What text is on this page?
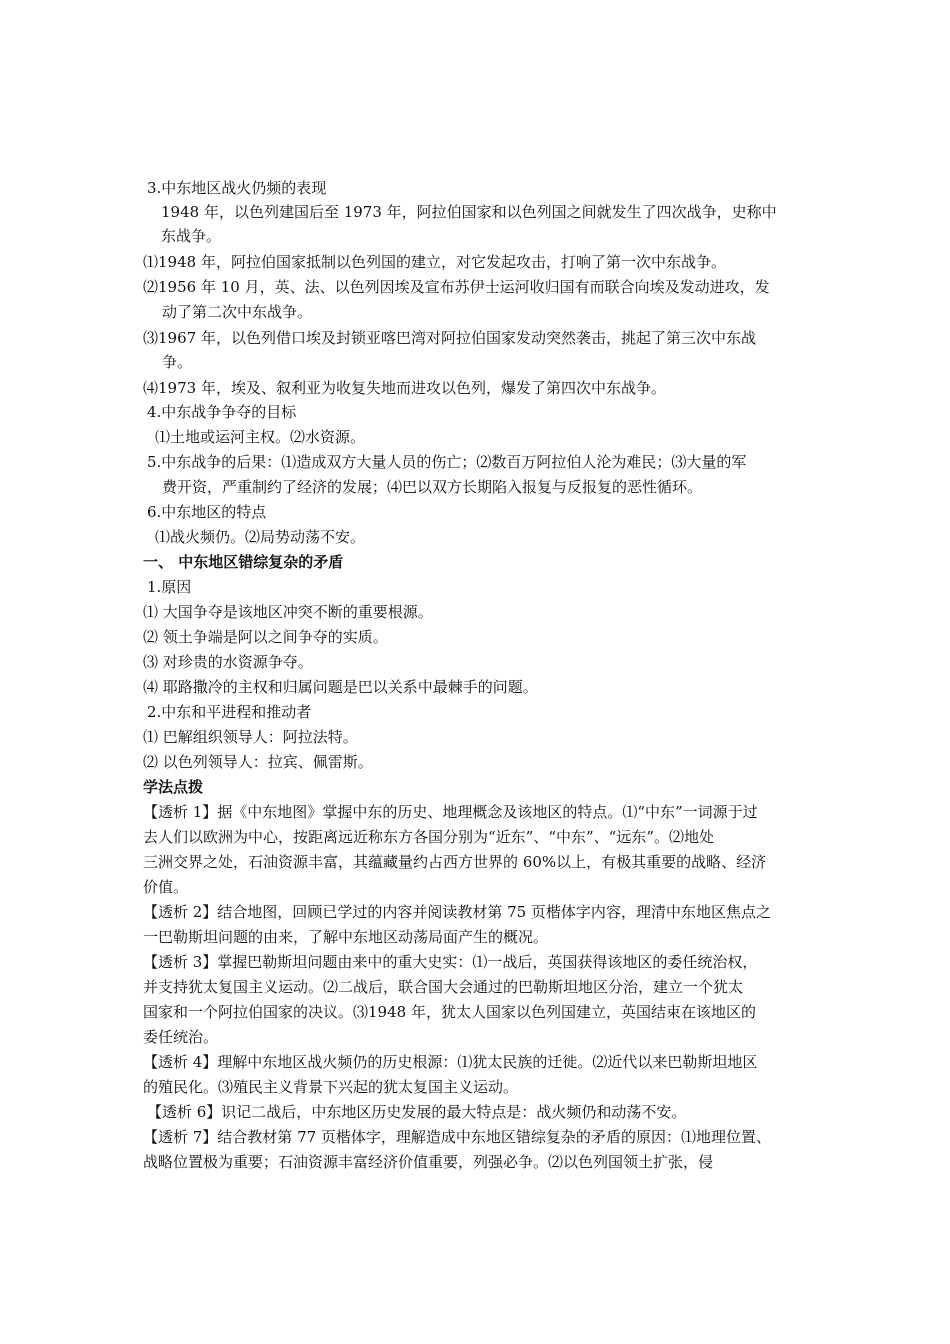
3.中东地区战火仍频的表现
1948 年，以色列建国后至 1973 年，阿拉伯国家和以色列国之间就发生了四次战争，史称中
东战争。
⑴1948 年，阿拉伯国家抵制以色列国的建立，对它发起攻击，打响了第一次中东战争。
⑵1956 年 10 月，英、法、以色列因埃及宣布苏伊士运河收归国有而联合向埃及发动进攻，发
动了第二次中东战争。
⑶1967 年，以色列借口埃及封锁亚喀巴湾对阿拉伯国家发动突然袭击，挑起了第三次中东战
争。
⑷1973 年，埃及、叙利亚为收复失地而进攻以色列，爆发了第四次中东战争。
4.中东战争争夺的目标
⑴土地或运河主权。⑵水资源。
5.中东战争的后果：⑴造成双方大量人员的伤亡；⑵数百万阿拉伯人沦为难民；⑶大量的军
费开资，严重制约了经济的发展；⑷巴以双方长期陷入报复与反报复的恶性循环。
6.中东地区的特点
⑴战火频仍。⑵局势动荡不安。
一、 中东地区错综复杂的矛盾
1.原因
⑴ 大国争夺是该地区冲突不断的重要根源。
⑵ 领土争端是阿以之间争夺的实质。
⑶ 对珍贵的水资源争夺。
⑷ 耶路撒冷的主权和归属问题是巴以关系中最棘手的问题。
2.中东和平进程和推动者
⑴ 巴解组织领导人：阿拉法特。
⑵ 以色列领导人：拉宾、佩雷斯。
学法点拨
【透析 1】据《中东地图》掌握中东的历史、地理概念及该地区的特点。⑴“中东”一词源于过
去人们以欧洲为中心，按距离远近称东方各国分别为“近东”、“中东”、“远东”。⑵地处
三洲交界之处，石油资源丰富，其蕴藏量约占西方世界的 60%以上，有极其重要的战略、经济
价值。
【透析 2】结合地图，回顾已学过的内容并阅读教材第 75 页楷体字内容，理清中东地区焦点之
一巴勒斯坦问题的由来，了解中东地区动荡局面产生的概况。
【透析 3】掌握巴勒斯坦问题由来中的重大史实：⑴一战后，英国获得该地区的委任统治权，
并支持犹太复国主义运动。⑵二战后，联合国大会通过的巴勒斯坦地区分治，建立一个犹太
国家和一个阿拉伯国家的决议。⑶1948 年，犹太人国家以色列国建立，英国结束在该地区的
委任统治。
【透析 4】理解中东地区战火频仍的历史根源：⑴犹太民族的迁徙。⑵近代以来巴勒斯坦地区
的殖民化。⑶殖民主义背景下兴起的犹太复国主义运动。
【透析 6】识记二战后，中东地区历史发展的最大特点是：战火频仍和动荡不安。
【透析 7】结合教材第 77 页楷体字，理解造成中东地区错综复杂的矛盾的原因：⑴地理位置、
战略位置极为重要；石油资源丰富经济价值重要，列强必争。⑵以色列国领土扩张，侵
